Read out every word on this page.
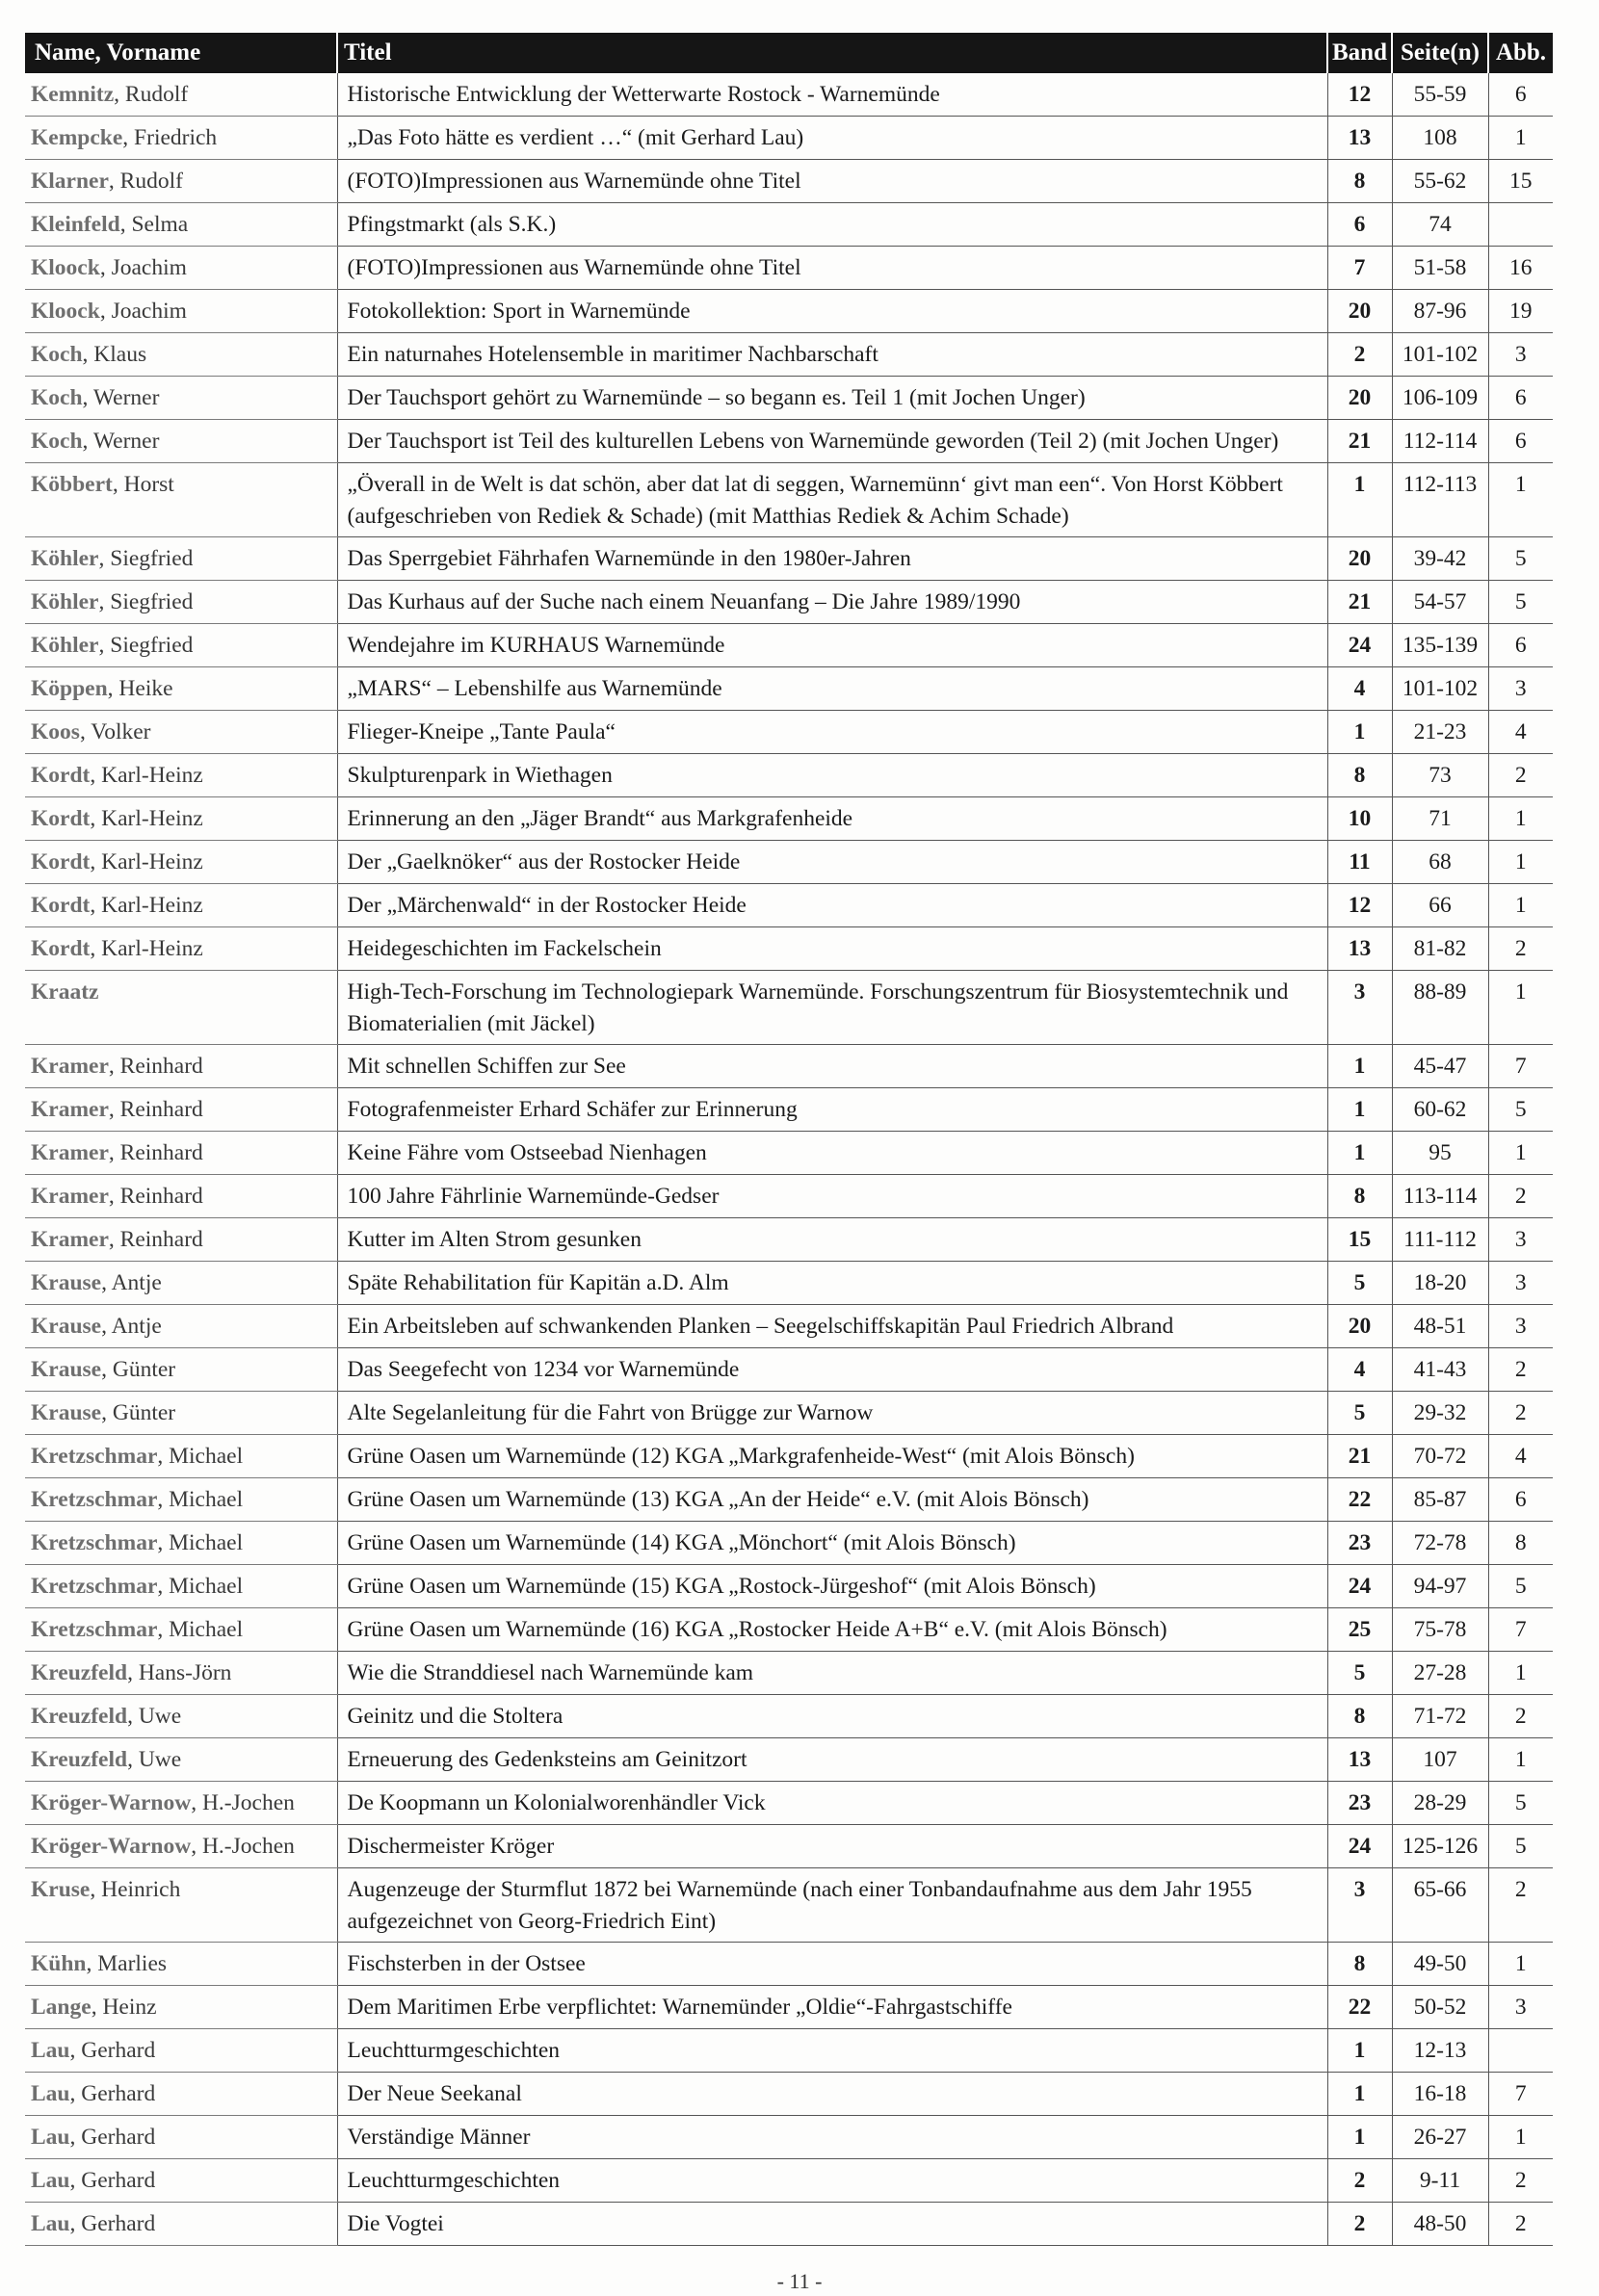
Name, Vorname	Titel	Band	Seite(n)	Abb.
Kemnitz, Rudolf	Historische Entwicklung der Wetterwarte Rostock - Warnemünde	12	55-59	6
Kempcke, Friedrich	„Das Foto hätte es verdient …“ (mit Gerhard Lau)	13	108	1
Klarner, Rudolf	(FOTO)Impressionen aus Warnemünde ohne Titel	8	55-62	15
Kleinfeld, Selma	Pfingstmarkt (als S.K.)	6	74	
Kloock, Joachim	(FOTO)Impressionen aus Warnemünde ohne Titel	7	51-58	16
Kloock, Joachim	Fotokollektion: Sport in Warnemünde	20	87-96	19
Koch, Klaus	Ein naturnahes Hotelensemble in maritimer Nachbarschaft	2	101-102	3
Koch, Werner	Der Tauchsport gehört zu Warnemünde – so begann es. Teil 1 (mit Jochen Unger)	20	106-109	6
Koch, Werner	Der Tauchsport ist Teil des kulturellen Lebens von Warnemünde geworden (Teil 2) (mit Jochen Unger)	21	112-114	6
Köbbert, Horst	„Överall in de Welt is dat schön, aber dat lat di seggen, Warnemünn‘ givt man een“. Von Horst Köbbert (aufgeschrieben von Rediek & Schade) (mit Matthias Rediek & Achim Schade)	1	112-113	1
Köhler, Siegfried	Das Sperrgebiet Fährhafen Warnemünde in den 1980er-Jahren	20	39-42	5
Köhler, Siegfried	Das Kurhaus auf der Suche nach einem Neuanfang – Die Jahre 1989/1990	21	54-57	5
Köhler, Siegfried	Wendejahre im KURHAUS Warnemünde	24	135-139	6
Köppen, Heike	„MARS“ – Lebenshilfe aus Warnemünde	4	101-102	3
Koos, Volker	Flieger-Kneipe „Tante Paula“	1	21-23	4
Kordt, Karl-Heinz	Skulpturenpark in Wiethagen	8	73	2
Kordt, Karl-Heinz	Erinnerung an den „Jäger Brandt“ aus Markgrafenheide	10	71	1
Kordt, Karl-Heinz	Der „Gaelknöker“ aus der Rostocker Heide	11	68	1
Kordt, Karl-Heinz	Der „Märchenwald“ in der Rostocker Heide	12	66	1
Kordt, Karl-Heinz	Heidegeschichten im Fackelschein	13	81-82	2
Kraatz	High-Tech-Forschung im Technologiepark Warnemünde. Forschungszentrum für Biosystemtechnik und Biomaterialien (mit Jäckel)	3	88-89	1
Kramer, Reinhard	Mit schnellen Schiffen zur See	1	45-47	7
Kramer, Reinhard	Fotografenmeister Erhard Schäfer zur Erinnerung	1	60-62	5
Kramer, Reinhard	Keine Fähre vom Ostseebad Nienhagen	1	95	1
Kramer, Reinhard	100 Jahre Fährlinie Warnemünde-Gedser	8	113-114	2
Kramer, Reinhard	Kutter im Alten Strom gesunken	15	111-112	3
Krause, Antje	Späte Rehabilitation für Kapitän a.D. Alm	5	18-20	3
Krause, Antje	Ein Arbeitsleben auf schwankenden Planken – Seegelschiffskapitän Paul Friedrich Albrand	20	48-51	3
Krause, Günter	Das Seegefecht von 1234 vor Warnemünde	4	41-43	2
Krause, Günter	Alte Segelanleitung für die Fahrt von Brügge zur Warnow	5	29-32	2
Kretzschmar, Michael	Grüne Oasen um Warnemünde (12) KGA „Markgrafenheide-West“ (mit Alois Bönsch)	21	70-72	4
Kretzschmar, Michael	Grüne Oasen um Warnemünde (13) KGA „An der Heide“ e.V. (mit Alois Bönsch)	22	85-87	6
Kretzschmar, Michael	Grüne Oasen um Warnemünde (14) KGA „Mönchort“ (mit Alois Bönsch)	23	72-78	8
Kretzschmar, Michael	Grüne Oasen um Warnemünde (15) KGA „Rostock-Jürgeshof“ (mit Alois Bönsch)	24	94-97	5
Kretzschmar, Michael	Grüne Oasen um Warnemünde (16) KGA „Rostocker Heide A+B“ e.V. (mit Alois Bönsch)	25	75-78	7
Kreuzfeld, Hans-Jörn	Wie die Stranddiesel nach Warnemünde kam	5	27-28	1
Kreuzfeld, Uwe	Geinitz und die Stoltera	8	71-72	2
Kreuzfeld, Uwe	Erneuerung des Gedenksteins am Geinitzort	13	107	1
Kröger-Warnow, H.-Jochen	De Koopmann un Kolonialworenhändler Vick	23	28-29	5
Kröger-Warnow, H.-Jochen	Dischermeister Kröger	24	125-126	5
Kruse, Heinrich	Augenzeuge der Sturmflut 1872 bei Warnemünde (nach einer Tonbandaufnahme aus dem Jahr 1955 aufgezeichnet von Georg-Friedrich Eint)	3	65-66	2
Kühn, Marlies	Fischsterben in der Ostsee	8	49-50	1
Lange, Heinz	Dem Maritimen Erbe verpflichtet: Warnemünder „Oldie“-Fahrgastschiffe	22	50-52	3
Lau, Gerhard	Leuchtturmgeschichten	1	12-13	
Lau, Gerhard	Der Neue Seekanal	1	16-18	7
Lau, Gerhard	Verständige Männer	1	26-27	1
Lau, Gerhard	Leuchtturmgeschichten	2	9-11	2
Lau, Gerhard	Die Vogtei	2	48-50	2
- 11 -
